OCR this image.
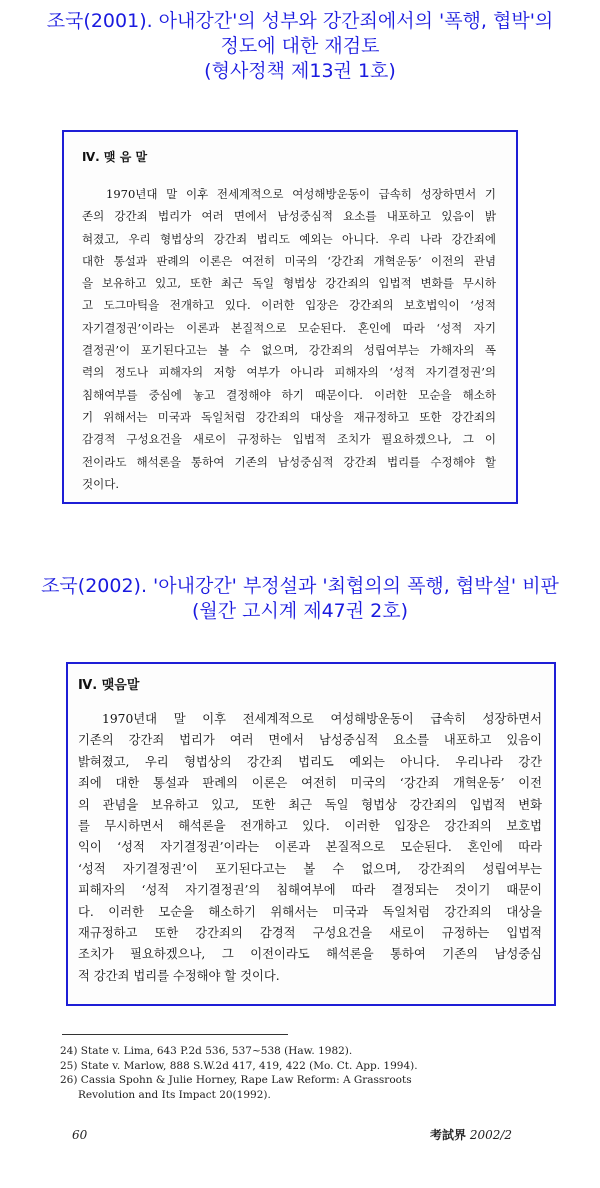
조국(2001). 아내강간'의 성부와 강간죄에서의 '폭행, 협박'의
정도에 대한 재검토
(형사정책 제13권 1호)

Ⅳ. 맺 음 말

1970년대 말 이후 전세계적으로 여성해방운동이 급속히 성장하면서 기
존의 강간죄 법리가 여러 면에서 남성중심적 요소를 내포하고 있음이 밝
혀졌고, 우리 형법상의 강간죄 법리도 예외는 아니다. 우리 나라 강간죄에
대한 통설과 판례의 이론은 여전히 미국의 ‘강간죄 개혁운동’ 이전의 관념
을 보유하고 있고, 또한 최근 독일 형법상 강간죄의 입법적 변화를 무시하
고 도그마틱을 전개하고 있다. 이러한 입장은 강간죄의 보호법익이 ‘성적
자기결정권’이라는 이론과 본질적으로 모순된다. 혼인에 따라 ‘성적 자기
결정권’이 포기된다고는 볼 수 없으며, 강간죄의 성립여부는 가해자의 폭
력의 정도나 피해자의 저항 여부가 아니라 피해자의 ‘성적 자기결정권’의
침해여부를 중심에 놓고 결정해야 하기 때문이다. 이러한 모순을 해소하
기 위해서는 미국과 독일처럼 강간죄의 대상을 재규정하고 또한 강간죄의
감경적 구성요건을 새로이 규정하는 입법적 조치가 필요하겠으나, 그 이
전이라도 해석론을 통하여 기존의 남성중심적 강간죄 법리를 수정해야 할
것이다.
조국(2002). '아내강간' 부정설과 '최협의의 폭행, 협박설' 비판
(월간 고시계 제47권 2호)

Ⅳ. 맺음말

1970년대 말 이후 전세계적으로 여성해방운동이 급속히 성장하면서
기존의 강간죄 법리가 여러 면에서 남성중심적 요소를 내포하고 있음이
밝혀졌고, 우리 형법상의 강간죄 법리도 예외는 아니다. 우리나라 강간
죄에 대한 통설과 판례의 이론은 여전히 미국의 ‘강간죄 개혁운동’ 이전
의 관념을 보유하고 있고, 또한 최근 독일 형법상 강간죄의 입법적 변화
를 무시하면서 해석론을 전개하고 있다. 이러한 입장은 강간죄의 보호법
익이 ‘성적 자기결정권’이라는 이론과 본질적으로 모순된다. 혼인에 따라
‘성적 자기결정권’이 포기된다고는 볼 수 없으며, 강간죄의 성립여부는
피해자의 ‘성적 자기결정권’의 침해여부에 따라 결정되는 것이기 때문이
다. 이러한 모순을 해소하기 위해서는 미국과 독일처럼 강간죄의 대상을
재규정하고 또한 강간죄의 감경적 구성요건을 새로이 규정하는 입법적
조치가 필요하겠으나, 그 이전이라도 해석론을 통하여 기존의 남성중심
적 강간죄 법리를 수정해야 할 것이다.
24) State v. Lima, 643 P.2d 536, 537~538 (Haw. 1982).
25) State v. Marlow, 888 S.W.2d 417, 419, 422 (Mo. Ct. App. 1994).
26) Cassia Spohn & Julie Horney, Rape Law Reform: A Grassroots
Revolution and Its Impact 20(1992).
60	考試界 2002/2
